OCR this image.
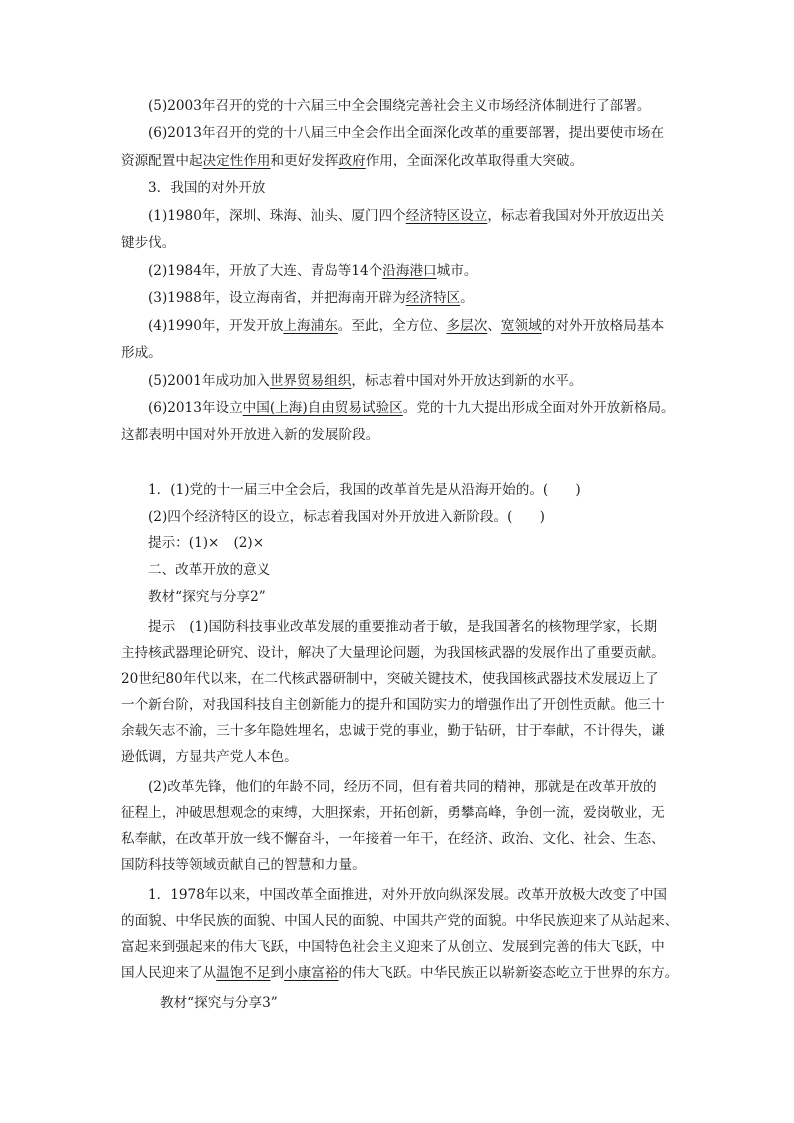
(5)2003年召开的党的十六届三中全会围绕完善社会主义市场经济体制进行了部署。
(6)2013年召开的党的十八届三中全会作出全面深化改革的重要部署，提出要使市场在
资源配置中起决定性作用和更好发挥政府作用，全面深化改革取得重大突破。
3．我国的对外开放
(1)1980年，深圳、珠海、汕头、厦门四个经济特区设立，标志着我国对外开放迈出关
键步伐。
(2)1984年，开放了大连、青岛等14个沿海港口城市。
(3)1988年，设立海南省，并把海南开辟为经济特区。
(4)1990年，开发开放上海浦东。至此，全方位、多层次、宽领域的对外开放格局基本
形成。
(5)2001年成功加入世界贸易组织，标志着中国对外开放达到新的水平。
(6)2013年设立中国(上海)自由贸易试验区。党的十九大提出形成全面对外开放新格局。
这都表明中国对外开放进入新的发展阶段。
1．(1)党的十一届三中全会后，我国的改革首先是从沿海开始的。(　　)
(2)四个经济特区的设立，标志着我国对外开放进入新阶段。(　　)
提示：(1)× (2)×
二、改革开放的意义
教材“探究与分享2”
提示 (1)国防科技事业改革发展的重要推动者于敏，是我国著名的核物理学家，长期
主持核武器理论研究、设计，解决了大量理论问题，为我国核武器的发展作出了重要贡献。
20世纪80年代以来，在二代核武器研制中，突破关键技术，使我国核武器技术发展迈上了
一个新台阶，对我国科技自主创新能力的提升和国防实力的增强作出了开创性贡献。他三十
余载矢志不渝，三十多年隐姓埋名，忠诚于党的事业，勤于钻研，甘于奉献，不计得失，谦
逊低调，方显共产党人本色。
(2)改革先锋，他们的年龄不同，经历不同，但有着共同的精神，那就是在改革开放的
征程上，冲破思想观念的束缚，大胆探索，开拓创新，勇攀高峰，争创一流，爱岗敬业，无
私奉献，在改革开放一线不懈奋斗，一年接着一年干，在经济、政治、文化、社会、生态、
国防科技等领域贡献自己的智慧和力量。
1．1978年以来，中国改革全面推进，对外开放向纵深发展。改革开放极大改变了中国
的面貌、中华民族的面貌、中国人民的面貌、中国共产党的面貌。中华民族迎来了从站起来、
富起来到强起来的伟大飞跃，中国特色社会主义迎来了从创立、发展到完善的伟大飞跃，中
国人民迎来了从温饱不足到小康富裕的伟大飞跃。中华民族正以崭新姿态屹立于世界的东方。
教材“探究与分享3”
